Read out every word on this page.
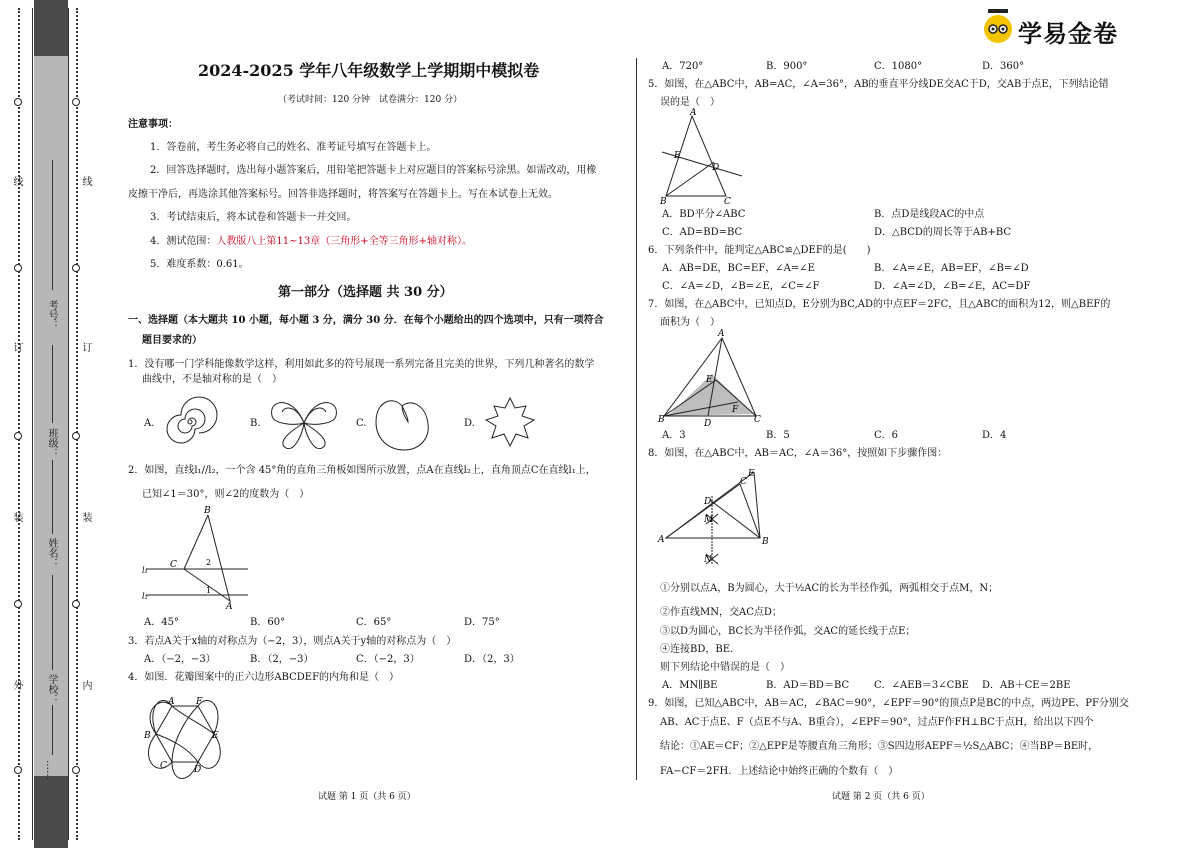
线
订
装
外
线
订
装
内
考号：
班级：
姓名：
学校：
……
学易金卷
2024-2025 学年八年级数学上学期期中模拟卷
（考试时间：120 分钟　试卷满分：120 分）
注意事项：
1．答卷前，考生务必将自己的姓名、准考证号填写在答题卡上。
2．回答选择题时，选出每小题答案后，用铅笔把答题卡上对应题目的答案标号涂黑。如需改动，用橡
皮擦干净后，再选涂其他答案标号。回答非选择题时，将答案写在答题卡上。写在本试卷上无效。
3．考试结束后，将本试卷和答题卡一并交回。
4．测试范围：人教版八上第11~13章（三角形+全等三角形+轴对称）。
5．难度系数：0.61。
第一部分（选择题 共 30 分）
一、选择题（本大题共 10 小题，每小题 3 分，满分 30 分．在每个小题给出的四个选项中，只有一项符合
题目要求的）
1．没有哪一门学科能像数学这样，利用如此多的符号展现一系列完备且完美的世界，下列几种著名的数学
曲线中，不是轴对称的是（　）
A.	B.	C.	D.
2．如图，直线l₁//l₂，一个含 45°角的直角三角板如图所示放置，点A在直线l₂上，直角顶点C在直线l₁上，
已知∠1＝30°，则∠2的度数为（　）
B
C
A
l₁
l₂
2
1
A．45°	B．60°	C．65°	D．75°
3．若点A关于x轴的对称点为（−2，3），则点A关于y轴的对称点为（　）
A．（−2，−3）	B．（2，−3）	C．（−2，3）	D．（2，3）
4．如图．花瓣图案中的正六边形ABCDEF的内角和是（　）
A F
B	E
C	D
试题 第 1 页（共 6 页）
A．720°	B．900°	C．1080°	D．360°
5．如图，在△ABC中，AB=AC，∠A=36°，AB的垂直平分线DE交AC于D，交AB于点E，下列结论错
误的是（　）
A
E
D
B	C
A．BD平分∠ABC	B．点D是线段AC的中点
C．AD=BD=BC	D．△BCD的周长等于AB+BC
6．下列条件中，能判定△ABC≌△DEF的是(　　)
A．AB=DE，BC=EF，∠A=∠E	B．∠A=∠E，AB=EF，∠B=∠D
C．∠A=∠D，∠B=∠E，∠C=∠F	D．∠A=∠D，∠B=∠E，AC=DF
7．如图，在△ABC中，已知点D，E分别为BC,AD的中点EF＝2FC，且△ABC的面积为12，则△BEF的
面积为（　）
A
E
F
B	D	C
A．3	B．5	C．6	D．4
8．如图，在△ABC中，AB＝AC，∠A＝36°，按照如下步骤作图：
E
C
D
M
A	B
N
①分别以点A，B为圆心，大于½AC的长为半径作弧，两弧相交于点M，N；
②作直线MN，交AC点D；
③以D为圆心，BC长为半径作弧，交AC的延长线于点E；
④连接BD，BE．
则下列结论中错误的是（　）
A．MN∥BE	B．AD＝BD＝BC C．∠AEB＝3∠CBE D．AB＋CE＝2BE
9．如图，已知△ABC中，AB＝AC，∠BAC＝90°，∠EPF＝90°的顶点P是BC的中点，两边PE、PF分别交
AB、AC于点E、F（点E不与A、B重合），∠EPF＝90°，过点F作FH⊥BC于点H，给出以下四个
结论：①AE＝CF；②△EPF是等腰直角三角形；③S四边形AEPF＝½S△ABC；④当BP＝BE时，
FA−CF＝2FH．上述结论中始终正确的个数有（　）
试题 第 2 页（共 6 页）
